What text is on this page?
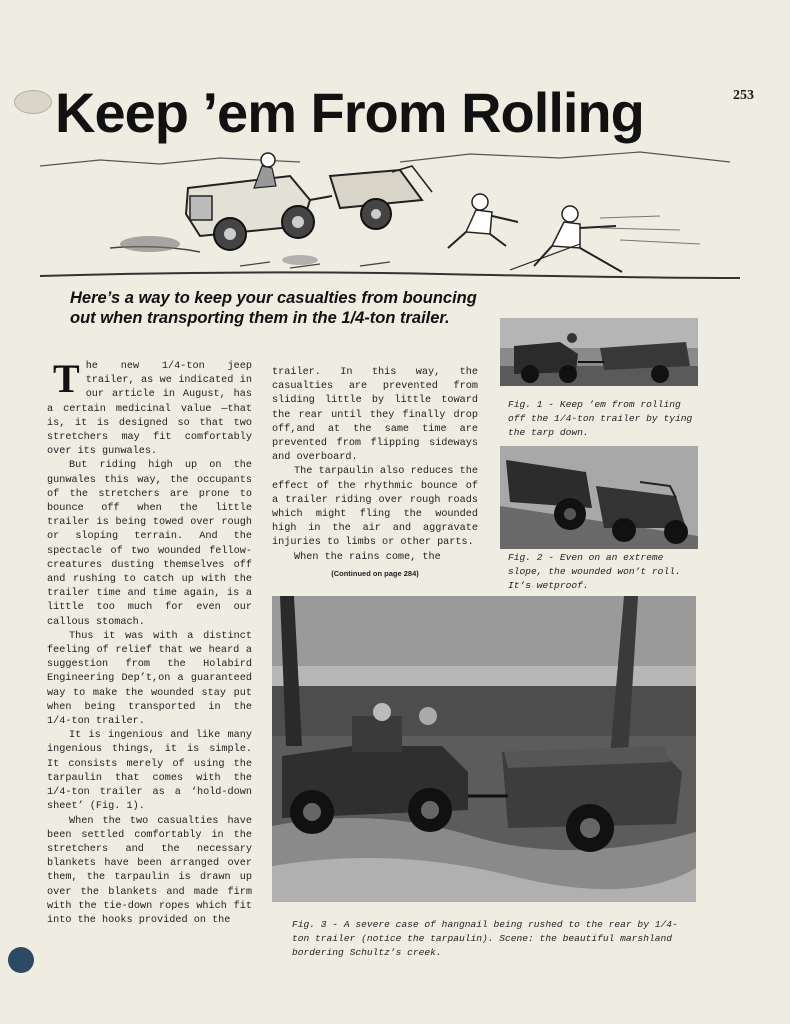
Keep ’em From Rolling	253
Here’s a way to keep your casualties from bouncing out when transporting them in the 1/4-ton trailer.
T he new 1/4-ton jeep trailer, as we indicated in our article in August, has a certain medicinal value —that is, it is designed so that two stretchers may fit comfortably over its gunwales.

But riding high up on the gunwales this way, the occupants of the stretchers are prone to bounce off when the little trailer is being towed over rough or sloping terrain. And the spectacle of two wounded fellow-creatures dusting themselves off and rushing to catch up with the trailer time and time again, is a little too much for even our callous stomach.

Thus it was with a distinct feeling of relief that we heard a suggestion from the Holabird Engineering Dep’t,on a guaranteed way to make the wounded stay put when being transported in the 1/4-ton trailer.

It is ingenious and like many ingenious things, it is simple. It consists merely of using the tarpaulin that comes with the 1/4-ton trailer as a ‘hold-down sheet’ (Fig. 1).

When the two casualties have been settled comfortably in the stretchers and the necessary blankets have been arranged over them, the tarpaulin is drawn up over the blankets and made firm with the tie-down ropes which fit into the hooks provided on the

trailer. In this way, the casualties are prevented from sliding little by little toward the rear until they finally drop off,and at the same time are prevented from flipping sideways and overboard.

The tarpaulin also reduces the effect of the rhythmic bounce of a trailer riding over rough roads which might fling the wounded high in the air and aggravate injuries to limbs or other parts.

When the rains come, the

(Continued on page 284)
Fig. 1 - Keep ’em from rolling off the 1/4-ton trailer by tying the tarp down.
Fig. 2 - Even on an extreme slope, the wounded won’t roll. It’s wetproof.
Fig. 3 - A severe case of hangnail being rushed to the rear by 1/4-ton trailer (notice the tarpaulin). Scene: the beautiful marshland bordering Schultz’s creek.
